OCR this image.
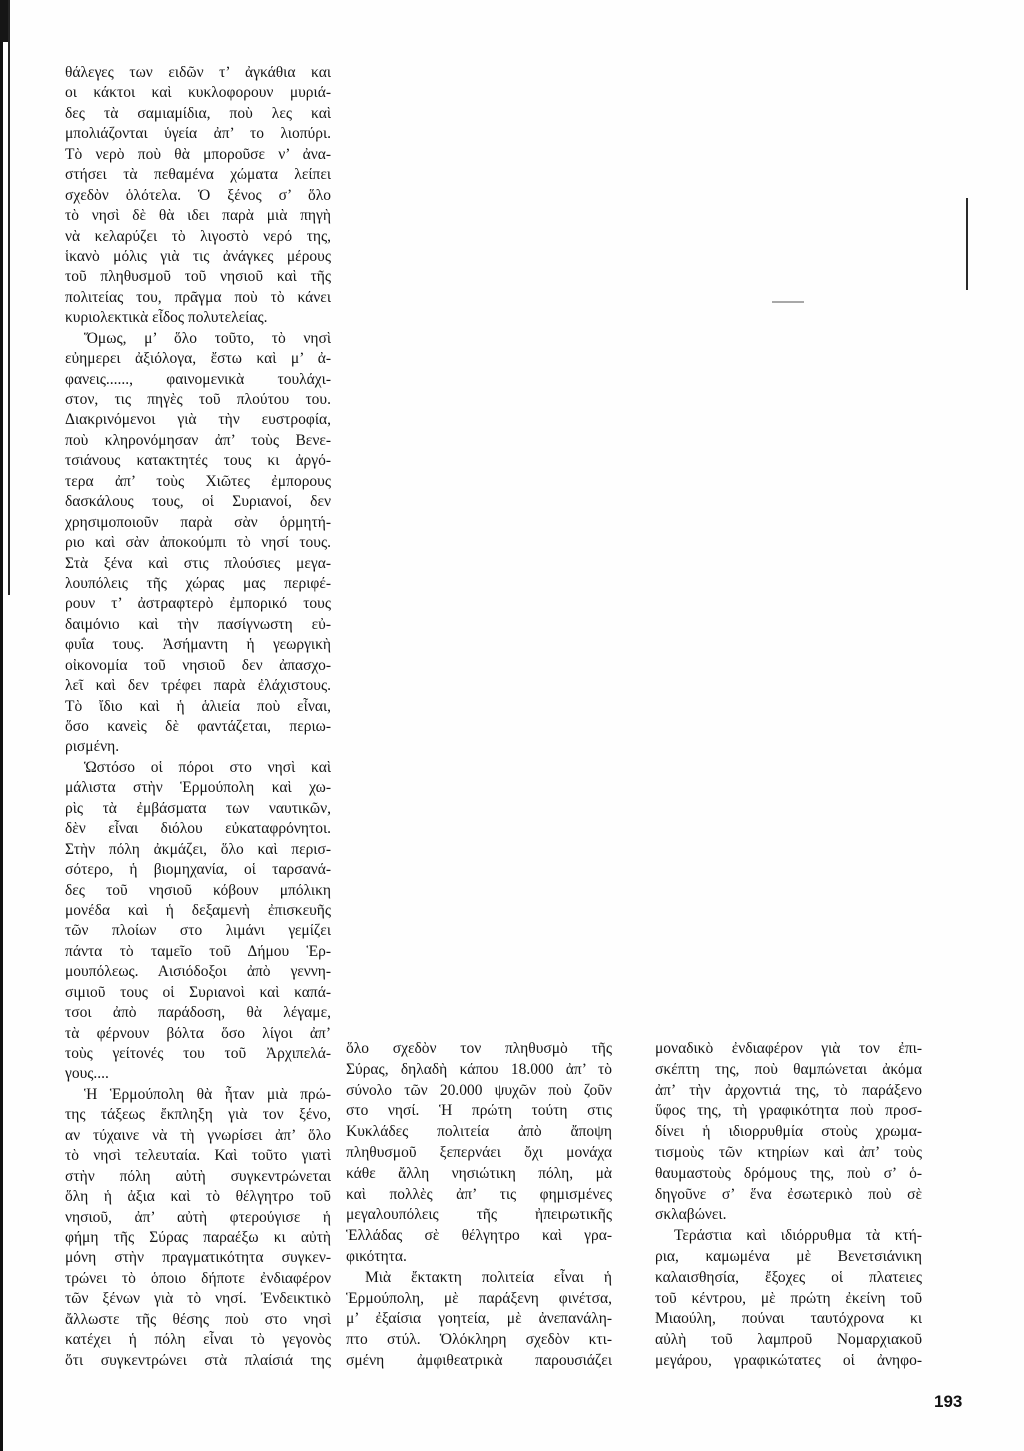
θάλεγες των ειδῶν τ’ ἀγκάθια και
οι κάκτοι καὶ κυκλοφορουν μυριά-
δες τὰ σαμιαμίδια, ποὺ λες καὶ
μπολιάζονται ὑγεία ἀπ’ το λιοπύρι.
Τὸ νερὸ ποὺ θὰ μποροῦσε ν’ ἀνα-
στήσει τὰ πεθαμένα χώματα λείπει
σχεδὸν ὁλότελα. Ὁ ξένος σ’ ὅλο
τὸ νησὶ δὲ θὰ ιδει παρὰ μιὰ πηγὴ
νὰ κελαρύζει τὸ λιγοστὸ νερό της,
ἱκανὸ μόλις γιὰ τις ἀνάγκες μέρους
τοῦ πληθυσμοῦ τοῦ νησιοῦ καὶ τῆς
πολιτείας του, πρᾶγμα ποὺ τὸ κάνει
κυριολεκτικὰ εἶδος πολυτελείας.
Ὅμως, μ’ ὅλο τοῦτο, τὸ νησὶ
εὐημερει ἀξιόλογα, ἔστω καὶ μ’ ἀ-
φανεις......, φαινομενικὰ τουλάχι-
στον, τις πηγὲς τοῦ πλούτου του.
Διακρινόμενοι γιὰ τὴν ευστροφία,
ποὺ κληρονόμησαν ἀπ’ τοὺς Βενε-
τσιάνους κατακτητές τους κι ἀργό-
τερα ἀπ’ τοὺς Χιῶτες ἐμπορους
δασκάλους τους, οἱ Συριανοί, δεν
χρησιμοποιοῦν παρὰ σὰν ὁρμητή-
ριο καὶ σὰν ἀποκούμπι τὸ νησί τους.
Στὰ ξένα καὶ στις πλούσιες μεγα-
λουπόλεις τῆς χώρας μας περιφέ-
ρουν τ’ ἀστραφτερὸ ἐμπορικό τους
δαιμόνιο καὶ τὴν πασίγνωστη εὐ-
φυΐα τους. Ἀσήμαντη ἡ γεωργικὴ
οἰκονομία τοῦ νησιοῦ δεν ἀπασχο-
λεῖ καὶ δεν τρέφει παρὰ ἐλάχιστους.
Τὸ ἴδιο καὶ ἡ ἁλιεία ποὺ εἶναι,
ὅσο κανεὶς δὲ φαντάζεται, περιω-
ρισμένη.
Ὡστόσο οἱ πόροι στο νησὶ καὶ
μάλιστα στὴν Ἑρμούπολη καὶ χω-
ρὶς τὰ ἐμβάσματα των ναυτικῶν,
δὲν εἶναι διόλου εὐκαταφρόνητοι.
Στὴν πόλη ἀκμάζει, ὅλο καὶ περισ-
σότερο, ἡ βιομηχανία, οἱ ταρσανά-
δες τοῦ νησιοῦ κόβουν μπόλικη
μονέδα καὶ ἡ δεξαμενὴ ἐπισκευῆς
τῶν πλοίων στο λιμάνι γεμίζει
πάντα τὸ ταμεῖο τοῦ Δήμου Ἑρ-
μουπόλεως. Αισιόδοξοι ἀπὸ γεννη-
σιμιοῦ τους οἱ Συριανοὶ καὶ καπά-
τσοι ἀπὸ παράδοση, θὰ λέγαμε,
τὰ φέρνουν βόλτα ὅσο λίγοι ἀπ’
τοὺς γείτονές του τοῦ Ἀρχιπελά-
γους....
Ἡ Ἑρμούπολη θὰ ἦταν μιὰ πρώ-
της τάξεως ἔκπληξη γιὰ τον ξένο,
αν τύχαινε νὰ τὴ γνωρίσει ἀπ’ ὅλο
τὸ νησὶ τελευταία. Καὶ τοῦτο γιατὶ
στὴν πόλη αὐτὴ συγκεντρώνεται
ὅλη ἡ ἀξια καὶ τὸ θέλγητρο τοῦ
νησιοῦ, ἀπ’ αὐτὴ φτερούγισε ἡ
φήμη τῆς Σύρας παραέξω κι αὐτὴ
μόνη στὴν πραγματικότητα συγκεν-
τρώνει τὸ ὁποιο δήποτε ἐνδιαφέρον
τῶν ξένων γιὰ τὸ νησί. Ἐνδεικτικὸ
ἄλλωστε τῆς θέσης ποὺ στο νησὶ
κατέχει ἡ πόλη εἶναι τὸ γεγονὸς
ὅτι συγκεντρώνει στὰ πλαίσιά της
ὅλο σχεδὸν τον πληθυσμὸ τῆς
Σύρας, δηλαδὴ κάπου 18.000 ἀπ’ τὸ
σύνολο τῶν 20.000 ψυχῶν ποὺ ζοῦν
στο νησί. Ἡ πρώτη τούτη στις
Κυκλάδες πολιτεία ἀπὸ ἄποψη
πληθυσμοῦ ξεπερνάει ὄχι μονάχα
κάθε ἄλλη νησιώτικη πόλη, μὰ
καὶ πολλὲς ἀπ’ τις φημισμένες
μεγαλουπόλεις τῆς ἠπειρωτικῆς
Ἑλλάδας σὲ θέλγητρο καὶ γρα-
φικότητα.
Μιὰ ἔκτακτη πολιτεία εἶναι ἡ
Ἑρμούπολη, μὲ παράξενη φινέτσα,
μ’ ἐξαίσια γοητεία, μὲ ἀνεπανάλη-
πτο στύλ. Ὁλόκληρη σχεδὸν κτι-
σμένη ἀμφιθεατρικὰ παρουσιάζει
μοναδικὸ ἐνδιαφέρον γιὰ τον ἐπι-
σκέπτη της, ποὺ θαμπώνεται ἀκόμα
ἀπ’ τὴν ἀρχοντιά της, τὸ παράξενο
ὕφος της, τὴ γραφικότητα ποὺ προσ-
δίνει ἡ ιδιορρυθμία στοὺς χρωμα-
τισμοὺς τῶν κτηρίων καὶ ἀπ’ τοὺς
θαυμαστοὺς δρόμους της, ποὺ σ’ ὁ-
δηγοῦνε σ’ ἕνα ἐσωτερικὸ ποὺ σὲ
σκλαβώνει.
Τεράστια καὶ ιδιόρρυθμα τὰ κτή-
ρια, καμωμένα μὲ Βενετσιάνικη
καλαισθησία, ἔξοχες οἱ πλατειες
τοῦ κέντρου, μὲ πρώτη ἐκείνη τοῦ
Μιαούλη, πούναι ταυτόχρονα κι
αὐλὴ τοῦ λαμπροῦ Νομαρχιακοῦ
μεγάρου, γραφικώτατες οἱ ἀνηφο-
193
